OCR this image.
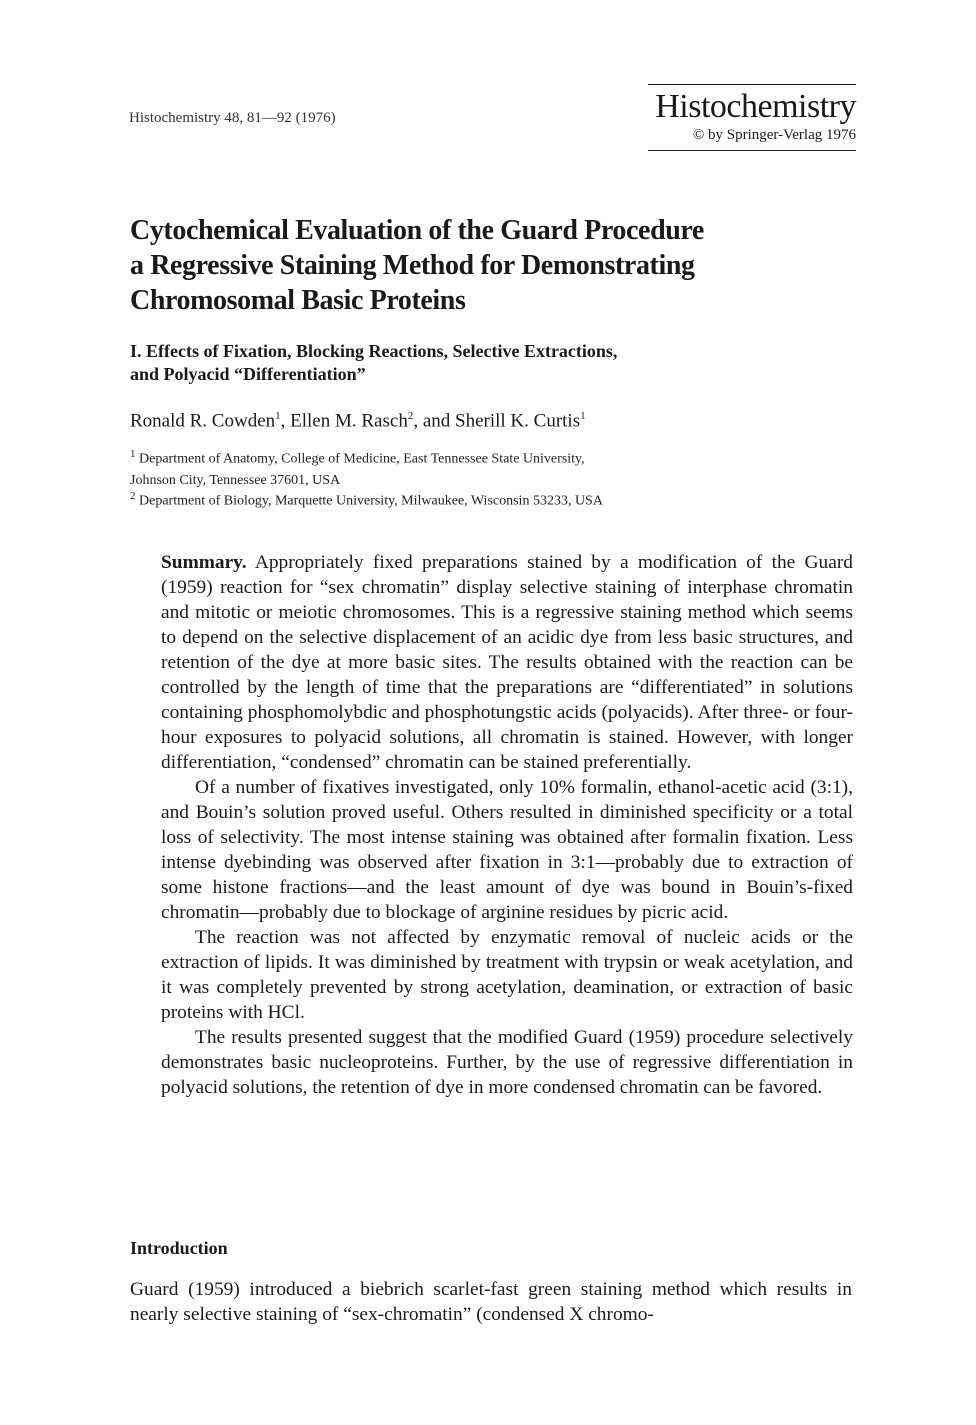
Histochemistry 48, 81—92 (1976)	Histochemistry
© by Springer-Verlag 1976
Cytochemical Evaluation of the Guard Procedure
a Regressive Staining Method for Demonstrating
Chromosomal Basic Proteins
I. Effects of Fixation, Blocking Reactions, Selective Extractions,
and Polyacid “Differentiation”
Ronald R. Cowden$^1$, Ellen M. Rasch$^2$, and Sherill K. Curtis$^1$
$^1$ Department of Anatomy, College of Medicine, East Tennessee State University,
Johnson City, Tennessee 37601, USA
$^2$ Department of Biology, Marquette University, Milwaukee, Wisconsin 53233, USA

Summary. Appropriately fixed preparations stained by a modification of the Guard (1959) reaction for “sex chromatin” display selective staining of interphase chromatin and mitotic or meiotic chromosomes. This is a regressive staining method which seems to depend on the selective displacement of an acidic dye from less basic structures, and retention of the dye at more basic sites. The results obtained with the reaction can be controlled by the length of time that the preparations are “differentiated” in solutions containing phosphomolybdic and phosphotungstic acids (polyacids). After three- or four-hour exposures to polyacid solutions, all chromatin is stained. However, with longer differentiation, “condensed” chromatin can be stained preferentially.

Of a number of fixatives investigated, only 10% formalin, ethanol-acetic acid (3:1), and Bouin’s solution proved useful. Others resulted in diminished specificity or a total loss of selectivity. The most intense staining was obtained after formalin fixation. Less intense dyebinding was observed after fixation in 3:1—probably due to extraction of some histone fractions—and the least amount of dye was bound in Bouin’s-fixed chromatin—probably due to blockage of arginine residues by picric acid.

The reaction was not affected by enzymatic removal of nucleic acids or the extraction of lipids. It was diminished by treatment with trypsin or weak acetylation, and it was completely prevented by strong acetylation, deamination, or extraction of basic proteins with HCl.

The results presented suggest that the modified Guard (1959) procedure selectively demonstrates basic nucleoproteins. Further, by the use of regressive differentiation in polyacid solutions, the retention of dye in more condensed chromatin can be favored.

Introduction
Guard (1959) introduced a biebrich scarlet-fast green staining method which results in nearly selective staining of “sex-chromatin” (condensed X chromo-
